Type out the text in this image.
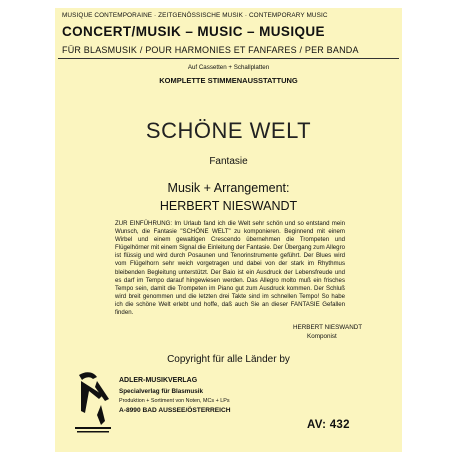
MUSIQUE CONTEMPORAINE · ZEITGENÖSSISCHE MUSIK · CONTEMPORARY MUSIC
CONCERT/MUSIK – MUSIC – MUSIQUE
FÜR BLASMUSIK / POUR HARMONIES ET FANFARES / PER BANDA
Auf Cassetten + Schallplatten
KOMPLETTE STIMMENAUSSTATTUNG
SCHÖNE WELT
Fantasie
Musik + Arrangement:
HERBERT NIESWANDT
ZUR EINFÜHRUNG: Im Urlaub fand ich die Welt sehr schön und so entstand mein Wunsch, die Fantasie "SCHÖNE WELT" zu komponieren. Beginnend mit einem Wirbel und einem gewaltigen Crescendo übernehmen die Trompeten und Flügelhörner mit einem Signal die Einleitung der Fantasie. Der Übergang zum Allegro ist flüssig und wird durch Posaunen und Tenorinstrumente geführt. Der Blues wird vom Flügelhorn sehr weich vorgetragen und dabei von der stark im Rhythmus bleibenden Begleitung unterstützt. Der Baio ist ein Ausdruck der Lebensfreude und es darf im Tempo darauf hingewiesen werden. Das Allegro molto muß ein frisches Tempo sein, damit die Trompeten im Piano gut zum Ausdruck kommen. Der Schluß wird breit genommen und die letzten drei Takte sind im schnellen Tempo! So habe ich die schöne Welt erlebt und hoffe, daß auch Sie an dieser FANTASIE Gefallen finden.
HERBERT NIESWANDT
Komponist
Copyright für alle Länder by
ADLER-MUSIKVERLAG
Specialverlag für Blasmusik
Produktion + Sortiment von Noten, MCs + LPs
A-8990 BAD AUSSEE/ÖSTERREICH
AV: 432
